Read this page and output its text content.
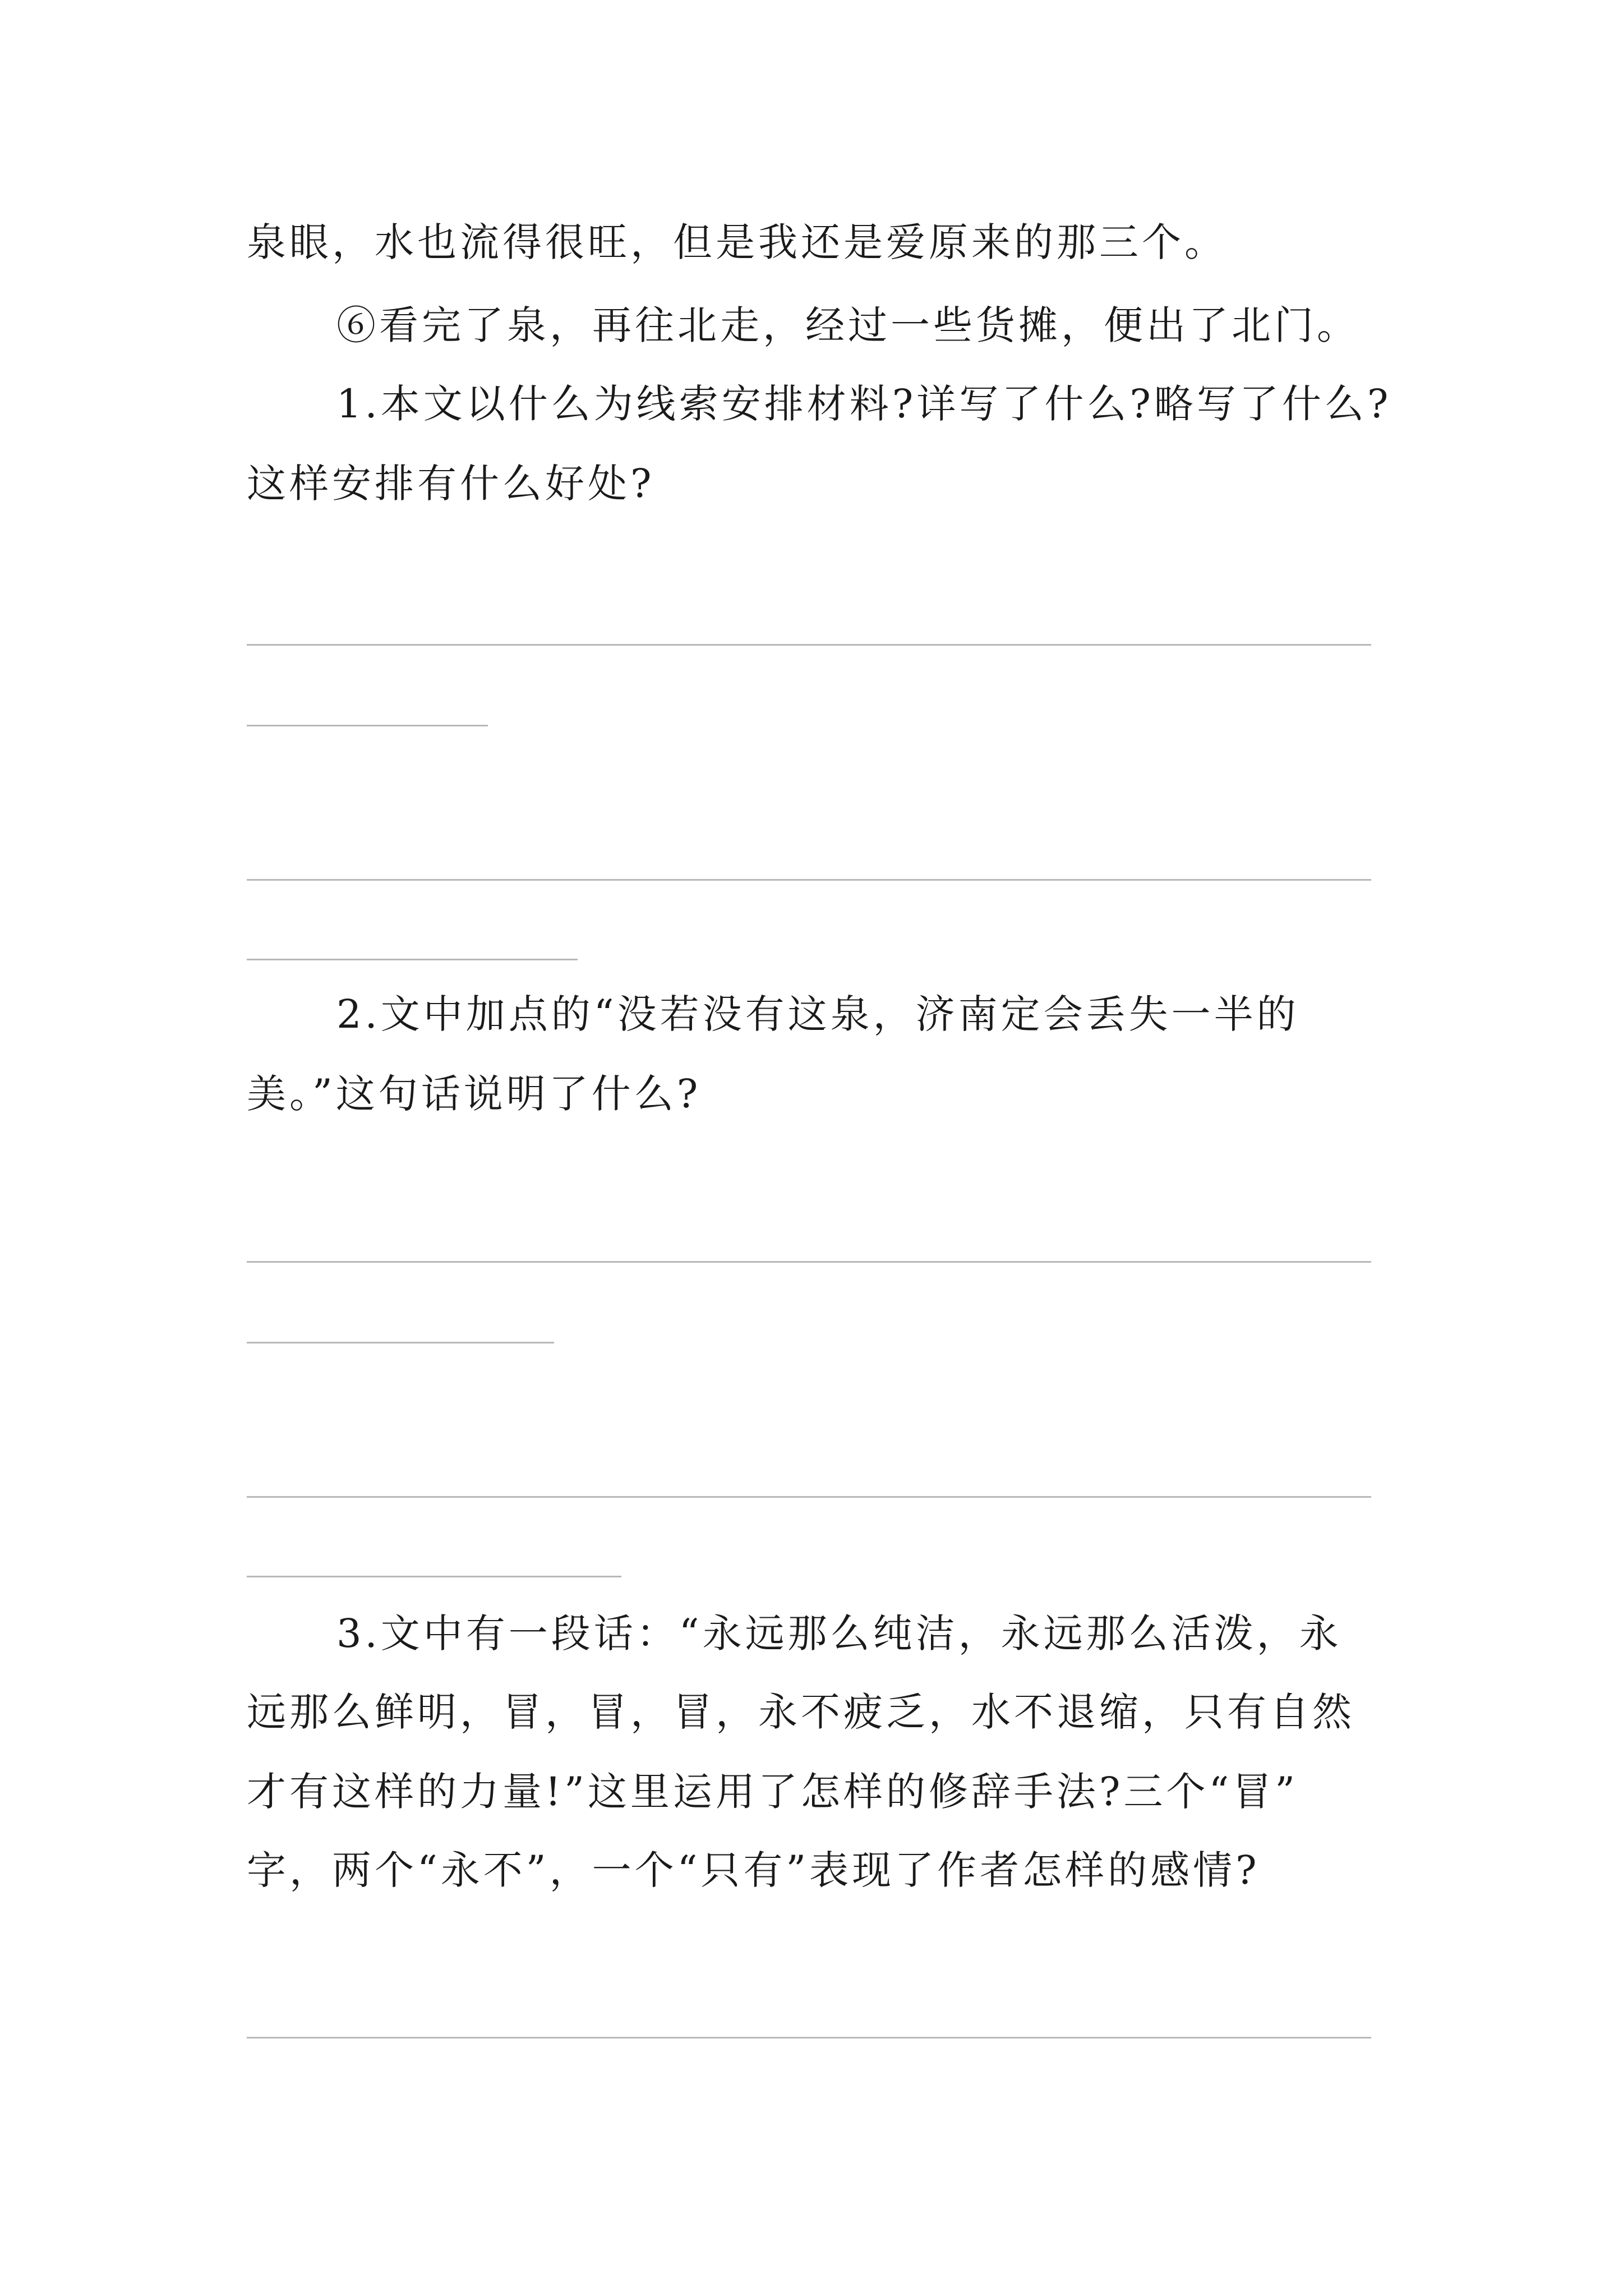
泉眼，水也流得很旺，但是我还是爱原来的那三个。
⑥看完了泉，再往北走，经过一些货摊，便出了北门。
1.本文以什么为线索安排材料?详写了什么?略写了什么?
这样安排有什么好处?
2.文中加点的“没若没有这泉，济南定会丢失一半的
美。”这句话说明了什么?
3.文中有一段话：“永远那么纯洁，永远那么活泼，永
远那么鲜明，冒，冒，冒，永不疲乏，水不退缩，只有自然
才有这样的力量!”这里运用了怎样的修辞手法?三个“冒”
字，两个“永不”，一个“只有”表现了作者怎样的感情?
